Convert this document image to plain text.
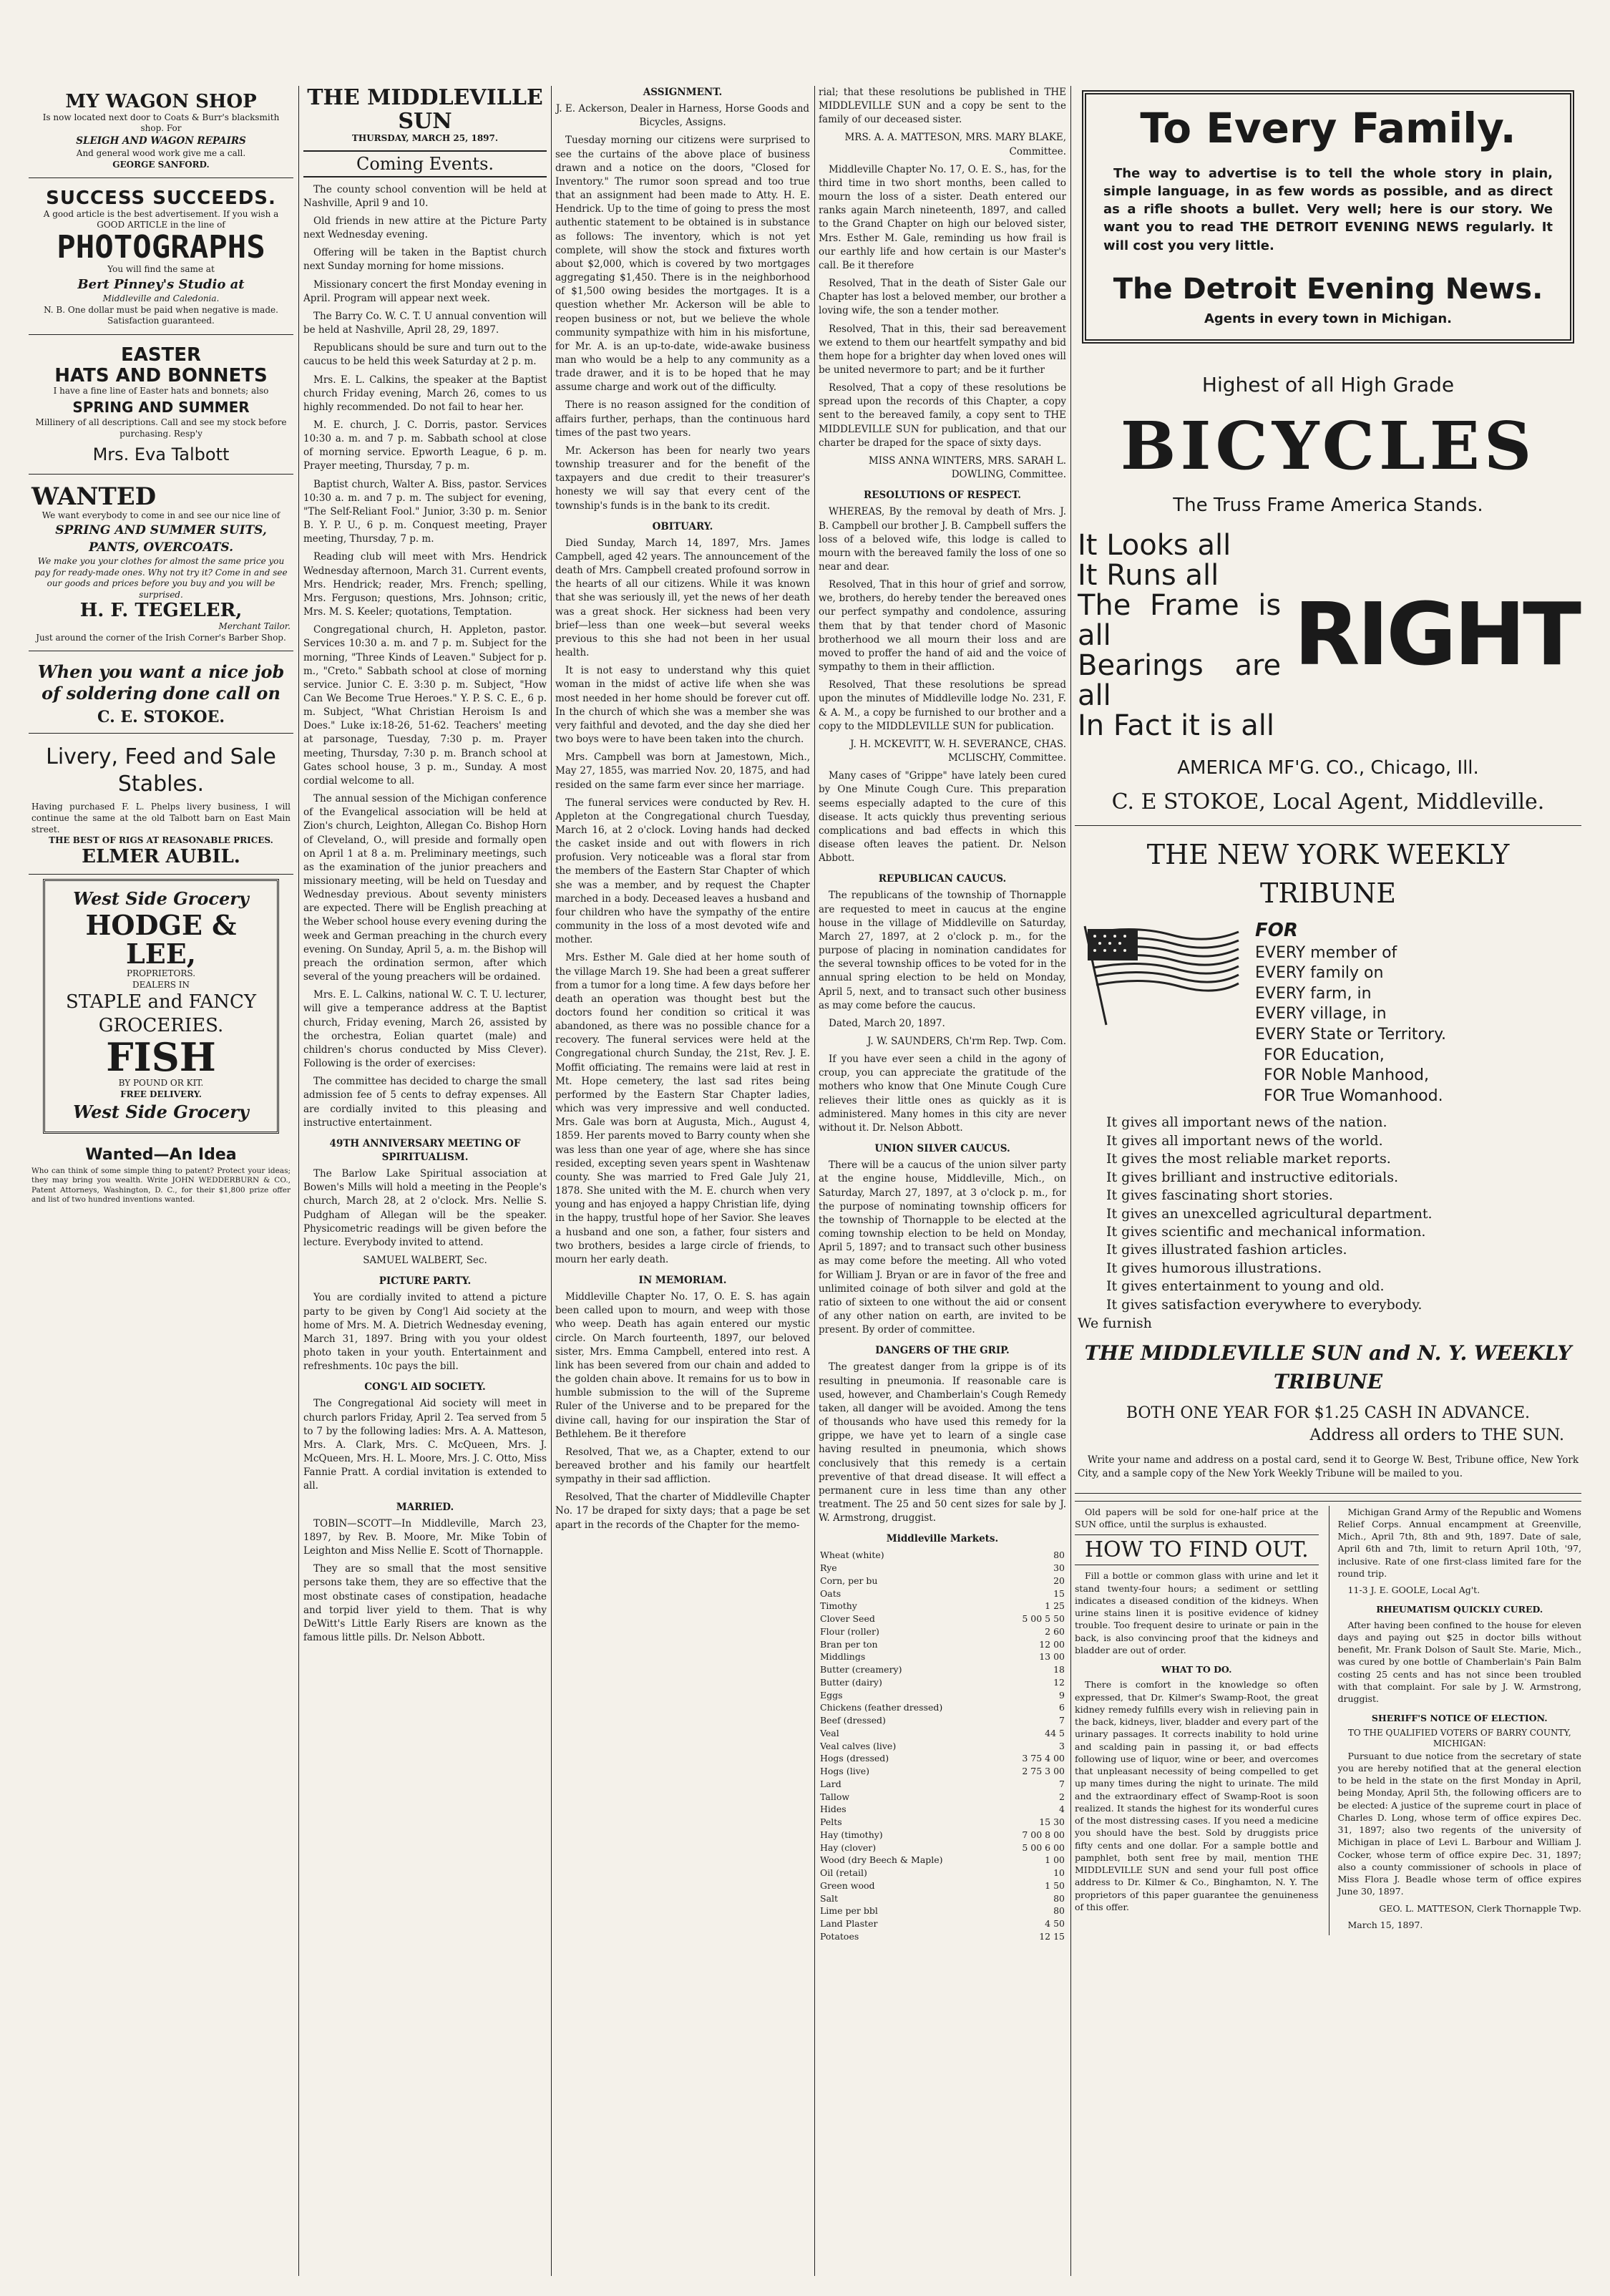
MY WAGON SHOP
Is now located next door to Coats & Burr's blacksmith shop. For
SLEIGH AND WAGON REPAIRS
And general wood work give me a call.
GEORGE SANFORD.
SUCCESS SUCCEEDS.
A good article is the best advertisement. If you wish a GOOD ARTICLE in the line of
PHOTOGRAPHS
You will find the same at
Bert Pinney's Studio at
Middleville and Caledonia.
N. B. One dollar must be paid when negative is made. Satisfaction guaranteed.
EASTER
HATS AND BONNETS
I have a fine line of Easter hats and bonnets; also
SPRING AND SUMMER
Millinery of all descriptions. Call and see my stock before purchasing. Resp'y
Mrs. Eva Talbott
WANTED
We want everybody to come in and see our nice line of
SPRING AND SUMMER SUITS, PANTS, OVERCOATS.
We make you your clothes for almost the same price you pay for ready-made ones. Why not try it? Come in and see our goods and prices before you buy and you will be surprised.
H. F. TEGELER,
Merchant Tailor.
Just around the corner of the Irish Corner's Barber Shop.
When you want a nice job of soldering done call on
C. E. STOKOE.
Livery, Feed and Sale Stables.
Having purchased F. L. Phelps livery business, I will continue the same at the old Talbott barn on East Main street.
THE BEST OF RIGS AT REASONABLE PRICES.
ELMER AUBIL.
West Side Grocery
HODGE & LEE,
PROPRIETORS.
DEALERS IN
STAPLE and FANCY GROCERIES.
FISH
BY POUND OR KIT.
FREE DELIVERY.
West Side Grocery
Wanted—An Idea
Who can think of some simple thing to patent? Protect your ideas; they may bring you wealth. Write JOHN WEDDERBURN & CO., Patent Attorneys, Washington, D. C., for their $1,800 prize offer and list of two hundred inventions wanted.
THE MIDDLEVILLE SUN
THURSDAY, MARCH 25, 1897.
Coming Events.

The county school convention will be held at Nashville, April 9 and 10.

Old friends in new attire at the Picture Party next Wednesday evening.

Offering will be taken in the Baptist church next Sunday morning for home missions.

Missionary concert the first Monday evening in April. Program will appear next week.

The Barry Co. W. C. T. U annual convention will be held at Nashville, April 28, 29, 1897.

Republicans should be sure and turn out to the caucus to be held this week Saturday at 2 p. m.

Mrs. E. L. Calkins, the speaker at the Baptist church Friday evening, March 26, comes to us highly recommended. Do not fail to hear her.

M. E. church, J. C. Dorris, pastor. Services 10:30 a. m. and 7 p. m. Sabbath school at close of morning service. Epworth League, 6 p. m. Prayer meeting, Thursday, 7 p. m.

Baptist church, Walter A. Biss, pastor. Services 10:30 a. m. and 7 p. m. The subject for evening, "The Self-Reliant Fool." Junior, 3:30 p. m. Senior B. Y. P. U., 6 p. m. Conquest meeting, Prayer meeting, Thursday, 7 p. m.

Reading club will meet with Mrs. Hendrick Wednesday afternoon, March 31. Current events, Mrs. Hendrick; reader, Mrs. French; spelling, Mrs. Ferguson; questions, Mrs. Johnson; critic, Mrs. M. S. Keeler; quotations, Temptation.

Congregational church, H. Appleton, pastor. Services 10:30 a. m. and 7 p. m. Subject for the morning, "Three Kinds of Leaven." Subject for p. m., "Creto." Sabbath school at close of morning service. Junior C. E. 3:30 p. m. Subject, "How Can We Become True Heroes." Y. P. S. C. E., 6 p. m. Subject, "What Christian Heroism Is and Does." Luke ix:18-26, 51-62. Teachers' meeting at parsonage, Tuesday, 7:30 p. m. Prayer meeting, Thursday, 7:30 p. m. Branch school at Gates school house, 3 p. m., Sunday. A most cordial welcome to all.

The annual session of the Michigan conference of the Evangelical association will be held at Zion's church, Leighton, Allegan Co. Bishop Horn of Cleveland, O., will preside and formally open on April 1 at 8 a. m. Preliminary meetings, such as the examination of the junior preachers and missionary meeting, will be held on Tuesday and Wednesday previous. About seventy ministers are expected. There will be English preaching at the Weber school house every evening during the week and German preaching in the church every evening. On Sunday, April 5, a. m. the Bishop will preach the ordination sermon, after which several of the young preachers will be ordained.

Mrs. E. L. Calkins, national W. C. T. U. lecturer, will give a temperance address at the Baptist church, Friday evening, March 26, assisted by the orchestra, Eolian quartet (male) and children's chorus conducted by Miss Clever). Following is the order of exercises:

The committee has decided to charge the small admission fee of 5 cents to defray expenses. All are cordially invited to this pleasing and instructive entertainment.

49TH ANNIVERSARY MEETING OF SPIRITUALISM.

The Barlow Lake Spiritual association at Bowen's Mills will hold a meeting in the People's church, March 28, at 2 o'clock. Mrs. Nellie S. Pudgham of Allegan will be the speaker. Physicometric readings will be given before the lecture. Everybody invited to attend.

SAMUEL WALBERT, Sec.

PICTURE PARTY.

You are cordially invited to attend a picture party to be given by Cong'l Aid society at the home of Mrs. M. A. Dietrich Wednesday evening, March 31, 1897. Bring with you your oldest photo taken in your youth. Entertainment and refreshments. 10c pays the bill.

CONG'L AID SOCIETY.

The Congregational Aid society will meet in church parlors Friday, April 2. Tea served from 5 to 7 by the following ladies: Mrs. A. A. Matteson, Mrs. A. Clark, Mrs. C. McQueen, Mrs. J. McQueen, Mrs. H. L. Moore, Mrs. J. C. Otto, Miss Fannie Pratt. A cordial invitation is extended to all.

MARRIED.

TOBIN—SCOTT—In Middleville, March 23, 1897, by Rev. B. Moore, Mr. Mike Tobin of Leighton and Miss Nellie E. Scott of Thornapple.

They are so small that the most sensitive persons take them, they are so effective that the most obstinate cases of constipation, headache and torpid liver yield to them. That is why DeWitt's Little Early Risers are known as the famous little pills. Dr. Nelson Abbott.

ASSIGNMENT.

J. E. Ackerson, Dealer in Harness, Horse Goods and Bicycles, Assigns.

Tuesday morning our citizens were surprised to see the curtains of the above place of business drawn and a notice on the doors, "Closed for Inventory." The rumor soon spread and too true that an assignment had been made to Atty. H. E. Hendrick. Up to the time of going to press the most authentic statement to be obtained is in substance as follows: The inventory, which is not yet complete, will show the stock and fixtures worth about $2,000, which is covered by two mortgages aggregating $1,450. There is in the neighborhood of $1,500 owing besides the mortgages. It is a question whether Mr. Ackerson will be able to reopen business or not, but we believe the whole community sympathize with him in his misfortune, for Mr. A. is an up-to-date, wide-awake business man who would be a help to any community as a trade drawer, and it is to be hoped that he may assume charge and work out of the difficulty.

There is no reason assigned for the condition of affairs further, perhaps, than the continuous hard times of the past two years.

Mr. Ackerson has been for nearly two years township treasurer and for the benefit of the taxpayers and due credit to their treasurer's honesty we will say that every cent of the township's funds is in the bank to its credit.

OBITUARY.

Died Sunday, March 14, 1897, Mrs. James Campbell, aged 42 years. The announcement of the death of Mrs. Campbell created profound sorrow in the hearts of all our citizens. While it was known that she was seriously ill, yet the news of her death was a great shock. Her sickness had been very brief—less than one week—but several weeks previous to this she had not been in her usual health.

It is not easy to understand why this quiet woman in the midst of active life when she was most needed in her home should be forever cut off. In the church of which she was a member she was very faithful and devoted, and the day she died her two boys were to have been taken into the church.

Mrs. Campbell was born at Jamestown, Mich., May 27, 1855, was married Nov. 20, 1875, and had resided on the same farm ever since her marriage.

The funeral services were conducted by Rev. H. Appleton at the Congregational church Tuesday, March 16, at 2 o'clock. Loving hands had decked the casket inside and out with flowers in rich profusion. Very noticeable was a floral star from the members of the Eastern Star Chapter of which she was a member, and by request the Chapter marched in a body. Deceased leaves a husband and four children who have the sympathy of the entire community in the loss of a most devoted wife and mother.

Mrs. Esther M. Gale died at her home south of the village March 19. She had been a great sufferer from a tumor for a long time. A few days before her death an operation was thought best but the doctors found her condition so critical it was abandoned, as there was no possible chance for a recovery. The funeral services were held at the Congregational church Sunday, the 21st, Rev. J. E. Moffit officiating. The remains were laid at rest in Mt. Hope cemetery, the last sad rites being performed by the Eastern Star Chapter ladies, which was very impressive and well conducted. Mrs. Gale was born at Augusta, Mich., August 4, 1859. Her parents moved to Barry county when she was less than one year of age, where she has since resided, excepting seven years spent in Washtenaw county. She was married to Fred Gale July 21, 1878. She united with the M. E. church when very young and has enjoyed a happy Christian life, dying in the happy, trustful hope of her Savior. She leaves a husband and one son, a father, four sisters and two brothers, besides a large circle of friends, to mourn her early death.

IN MEMORIAM.

Middleville Chapter No. 17, O. E. S. has again been called upon to mourn, and weep with those who weep. Death has again entered our mystic circle. On March fourteenth, 1897, our beloved sister, Mrs. Emma Campbell, entered into rest. A link has been severed from our chain and added to the golden chain above. It remains for us to bow in humble submission to the will of the Supreme Ruler of the Universe and to be prepared for the divine call, having for our inspiration the Star of Bethlehem. Be it therefore

Resolved, That we, as a Chapter, extend to our bereaved brother and his family our heartfelt sympathy in their sad affliction.

Resolved, That the charter of Middleville Chapter No. 17 be draped for sixty days; that a page be set apart in the records of the Chapter for the memo-

rial; that these resolutions be published in THE MIDDLEVILLE SUN and a copy be sent to the family of our deceased sister.

MRS. A. A. MATTESON, MRS. MARY BLAKE, Committee.

Middleville Chapter No. 17, O. E. S., has, for the third time in two short months, been called to mourn the loss of a sister. Death entered our ranks again March nineteenth, 1897, and called to the Grand Chapter on high our beloved sister, Mrs. Esther M. Gale, reminding us how frail is our earthly life and how certain is our Master's call. Be it therefore

Resolved, That in the death of Sister Gale our Chapter has lost a beloved member, our brother a loving wife, the son a tender mother.

Resolved, That in this, their sad bereavement we extend to them our heartfelt sympathy and bid them hope for a brighter day when loved ones will be united nevermore to part; and be it further

Resolved, That a copy of these resolutions be spread upon the records of this Chapter, a copy sent to the bereaved family, a copy sent to THE MIDDLEVILLE SUN for publication, and that our charter be draped for the space of sixty days.

MISS ANNA WINTERS, MRS. SARAH L. DOWLING, Committee.

RESOLUTIONS OF RESPECT.

WHEREAS, By the removal by death of Mrs. J. B. Campbell our brother J. B. Campbell suffers the loss of a beloved wife, this lodge is called to mourn with the bereaved family the loss of one so near and dear.

Resolved, That in this hour of grief and sorrow, we, brothers, do hereby tender the bereaved ones our perfect sympathy and condolence, assuring them that by that tender chord of Masonic brotherhood we all mourn their loss and are moved to proffer the hand of aid and the voice of sympathy to them in their affliction.

Resolved, That these resolutions be spread upon the minutes of Middleville lodge No. 231, F. & A. M., a copy be furnished to our brother and a copy to the MIDDLEVILLE SUN for publication.

J. H. MCKEVITT, W. H. SEVERANCE, CHAS. MCLISCHY, Committee.

Many cases of "Grippe" have lately been cured by One Minute Cough Cure. This preparation seems especially adapted to the cure of this disease. It acts quickly thus preventing serious complications and bad effects in which this disease often leaves the patient. Dr. Nelson Abbott.

REPUBLICAN CAUCUS.

The republicans of the township of Thornapple are requested to meet in caucus at the engine house in the village of Middleville on Saturday, March 27, 1897, at 2 o'clock p. m., for the purpose of placing in nomination candidates for the several township offices to be voted for in the annual spring election to be held on Monday, April 5, next, and to transact such other business as may come before the caucus.

Dated, March 20, 1897.

J. W. SAUNDERS, Ch'rm Rep. Twp. Com.

If you have ever seen a child in the agony of croup, you can appreciate the gratitude of the mothers who know that One Minute Cough Cure relieves their little ones as quickly as it is administered. Many homes in this city are never without it. Dr. Nelson Abbott.

UNION SILVER CAUCUS.

There will be a caucus of the union silver party at the engine house, Middleville, Mich., on Saturday, March 27, 1897, at 3 o'clock p. m., for the purpose of nominating township officers for the township of Thornapple to be elected at the coming township election to be held on Monday, April 5, 1897; and to transact such other business as may come before the meeting. All who voted for William J. Bryan or are in favor of the free and unlimited coinage of both silver and gold at the ratio of sixteen to one without the aid or consent of any other nation on earth, are invited to be present. By order of committee.

DANGERS OF THE GRIP.

The greatest danger from la grippe is of its resulting in pneumonia. If reasonable care is used, however, and Chamberlain's Cough Remedy taken, all danger will be avoided. Among the tens of thousands who have used this remedy for la grippe, we have yet to learn of a single case having resulted in pneumonia, which shows conclusively that this remedy is a certain preventive of that dread disease. It will effect a permanent cure in less time than any other treatment. The 25 and 50 cent sizes for sale by J. W. Armstrong, druggist.

Middleville Markets.
Wheat (white)	80
Rye	30
Corn, per bu	20
Oats	15
Timothy	1 25
Clover Seed	5 00 5 50
Flour (roller)	2 60
Bran per ton	12 00
Middlings	13 00
Butter (creamery)	18
Butter (dairy)	12
Eggs	9
Chickens (feather dressed)	6
Beef (dressed)	7
Veal	44 5
Veal calves (live)	3
Hogs (dressed)	3 75 4 00
Hogs (live)	2 75 3 00
Lard	7
Tallow	2
Hides	4
Pelts	15 30
Hay (timothy)	7 00 8 00
Hay (clover)	5 00 6 00
Wood (dry Beech & Maple)	1 00
Oil (retail)	10
Green wood	1 50
Salt	80
Lime per bbl	80
Land Plaster	4 50
Potatoes	12 15
To Every Family.

The way to advertise is to tell the whole story in plain, simple language, in as few words as possible, and as direct as a rifle shoots a bullet. Very well; here is our story. We want you to read THE DETROIT EVENING NEWS regularly. It will cost you very little.

The Detroit Evening News.
Agents in every town in Michigan.
Highest of all High Grade
BICYCLES
The Truss Frame America Stands.
It Looks all
It Runs all
The Frame is all
Bearings are all
In Fact it is all
RIGHT
AMERICA MF'G. CO., Chicago, Ill.
C. E STOKOE, Local Agent, Middleville.
THE NEW YORK WEEKLY TRIBUNE
FOR
EVERY member of
EVERY family on
EVERY farm, in
EVERY village, in
EVERY State or Territory.
FOR Education,
FOR Noble Manhood,
FOR True Womanhood.
It gives all important news of the nation.
It gives all important news of the world.
It gives the most reliable market reports.
It gives brilliant and instructive editorials.
It gives fascinating short stories.
It gives an unexcelled agricultural department.
It gives scientific and mechanical information.
It gives illustrated fashion articles.
It gives humorous illustrations.
It gives entertainment to young and old.
It gives satisfaction everywhere to everybody.
We furnish
THE MIDDLEVILLE SUN and N. Y. WEEKLY TRIBUNE
BOTH ONE YEAR FOR $1.25 CASH IN ADVANCE.
Address all orders to THE SUN.

Write your name and address on a postal card, send it to George W. Best, Tribune office, New York City, and a sample copy of the New York Weekly Tribune will be mailed to you.

Old papers will be sold for one-half price at the SUN office, until the surplus is exhausted.

HOW TO FIND OUT.

Fill a bottle or common glass with urine and let it stand twenty-four hours; a sediment or settling indicates a diseased condition of the kidneys. When urine stains linen it is positive evidence of kidney trouble. Too frequent desire to urinate or pain in the back, is also convincing proof that the kidneys and bladder are out of order.

WHAT TO DO.

There is comfort in the knowledge so often expressed, that Dr. Kilmer's Swamp-Root, the great kidney remedy fulfills every wish in relieving pain in the back, kidneys, liver, bladder and every part of the urinary passages. It corrects inability to hold urine and scalding pain in passing it, or bad effects following use of liquor, wine or beer, and overcomes that unpleasant necessity of being compelled to get up many times during the night to urinate. The mild and the extraordinary effect of Swamp-Root is soon realized. It stands the highest for its wonderful cures of the most distressing cases. If you need a medicine you should have the best. Sold by druggists price fifty cents and one dollar. For a sample bottle and pamphlet, both sent free by mail, mention THE MIDDLEVILLE SUN and send your full post office address to Dr. Kilmer & Co., Binghamton, N. Y. The proprietors of this paper guarantee the genuineness of this offer.

Michigan Grand Army of the Republic and Womens Relief Corps. Annual encampment at Greenville, Mich., April 7th, 8th and 9th, 1897. Date of sale, April 6th and 7th, limit to return April 10th, '97, inclusive. Rate of one first-class limited fare for the round trip.

11-3 J. E. GOOLE, Local Ag't.

RHEUMATISM QUICKLY CURED.

After having been confined to the house for eleven days and paying out $25 in doctor bills without benefit, Mr. Frank Dolson of Sault Ste. Marie, Mich., was cured by one bottle of Chamberlain's Pain Balm costing 25 cents and has not since been troubled with that complaint. For sale by J. W. Armstrong, druggist.

SHERIFF'S NOTICE OF ELECTION.
TO THE QUALIFIED VOTERS OF BARRY COUNTY, MICHIGAN:

Pursuant to due notice from the secretary of state you are hereby notified that at the general election to be held in the state on the first Monday in April, being Monday, April 5th, the following officers are to be elected: A justice of the supreme court in place of Charles D. Long, whose term of office expires Dec. 31, 1897; also two regents of the university of Michigan in place of Levi L. Barbour and William J. Cocker, whose term of office expire Dec. 31, 1897; also a county commissioner of schools in place of Miss Flora J. Beadle whose term of office expires June 30, 1897.

GEO. L. MATTESON, Clerk Thornapple Twp.

March 15, 1897.
